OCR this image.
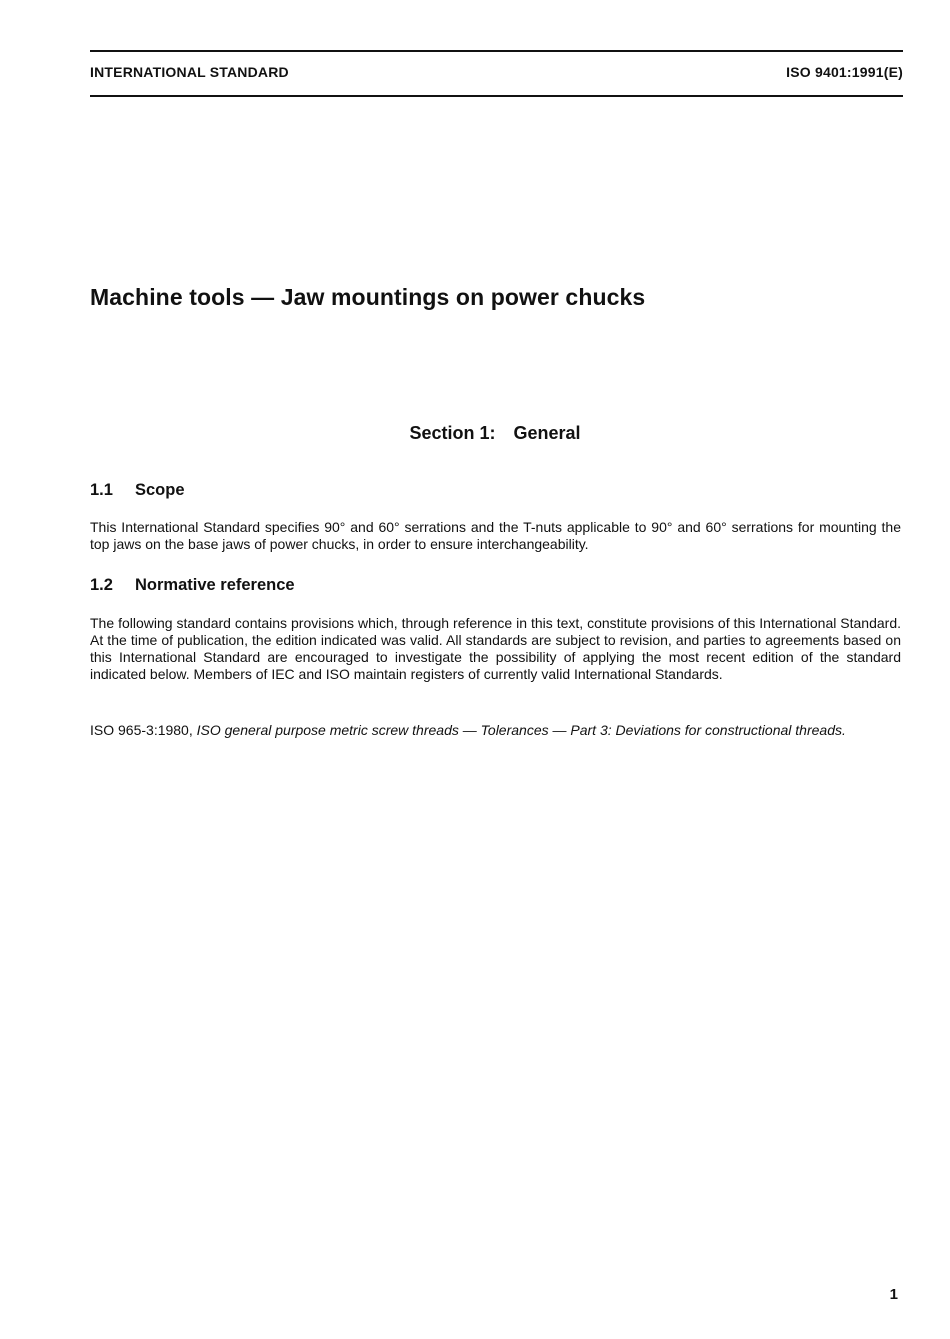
INTERNATIONAL STANDARD	ISO 9401:1991(E)
Machine tools — Jaw mountings on power chucks
Section 1: General
1.1 Scope
This International Standard specifies 90° and 60° serrations and the T-nuts applicable to 90° and 60° serrations for mounting the top jaws on the base jaws of power chucks, in order to ensure interchangeability.
1.2 Normative reference
The following standard contains provisions which, through reference in this text, constitute provisions of this International Standard. At the time of publication, the edition indicated was valid. All standards are subject to revision, and parties to agreements based on this International Standard are encouraged to investigate the possibility of applying the most recent edition of the standard indicated below. Members of IEC and ISO maintain registers of currently valid International Standards.
ISO 965-3:1980, ISO general purpose metric screw threads — Tolerances — Part 3: Deviations for constructional threads.
1
